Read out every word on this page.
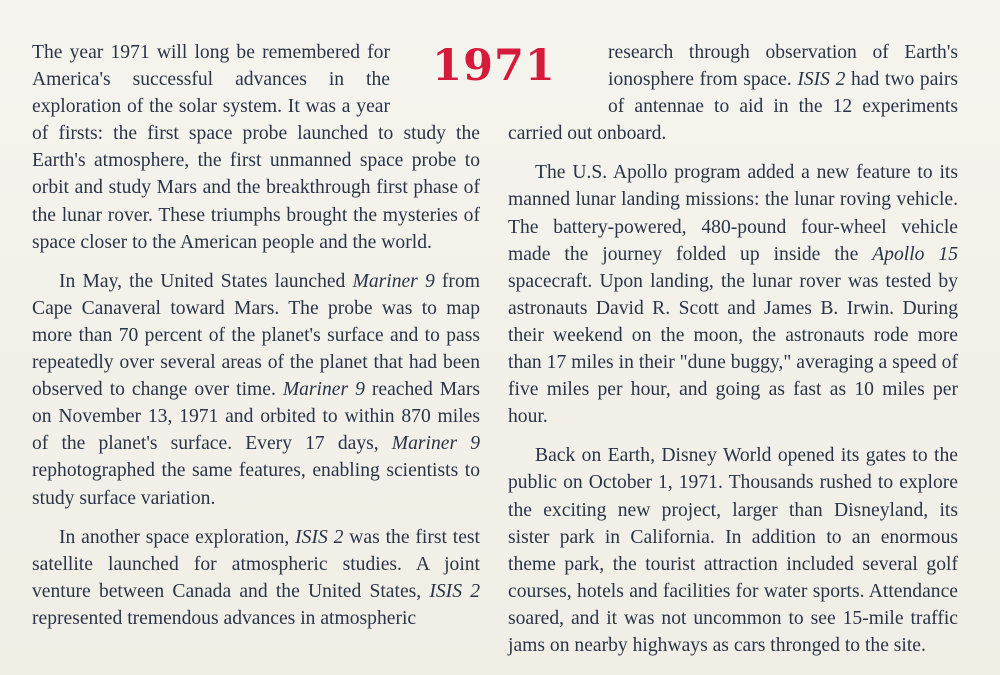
1971

The year 1971 will long be remembered for America's successful advances in the exploration of the solar system. It was a year of firsts: the first space probe launched to study the Earth's atmosphere, the first unmanned space probe to orbit and study Mars and the breakthrough first phase of the lunar rover. These triumphs brought the mysteries of space closer to the American people and the world.

In May, the United States launched Mariner 9 from Cape Canaveral toward Mars. The probe was to map more than 70 percent of the planet's surface and to pass repeatedly over several areas of the planet that had been observed to change over time. Mariner 9 reached Mars on November 13, 1971 and orbited to within 870 miles of the planet's surface. Every 17 days, Mariner 9 rephotographed the same features, enabling scientists to study surface variation.

In another space exploration, ISIS 2 was the first test satellite launched for atmospheric studies. A joint venture between Canada and the United States, ISIS 2 represented tremendous advances in atmospheric

research through observation of Earth's ionosphere from space. ISIS 2 had two pairs of antennae to aid in the 12 experiments carried out onboard.

The U.S. Apollo program added a new feature to its manned lunar landing missions: the lunar roving vehicle. The battery-powered, 480-pound four-wheel vehicle made the journey folded up inside the Apollo 15 spacecraft. Upon landing, the lunar rover was tested by astronauts David R. Scott and James B. Irwin. During their weekend on the moon, the astronauts rode more than 17 miles in their "dune buggy," averaging a speed of five miles per hour, and going as fast as 10 miles per hour.

Back on Earth, Disney World opened its gates to the public on October 1, 1971. Thousands rushed to explore the exciting new project, larger than Disneyland, its sister park in California. In addition to an enormous theme park, the tourist attraction included several golf courses, hotels and facilities for water sports. Attendance soared, and it was not uncommon to see 15-mile traffic jams on nearby highways as cars thronged to the site.
